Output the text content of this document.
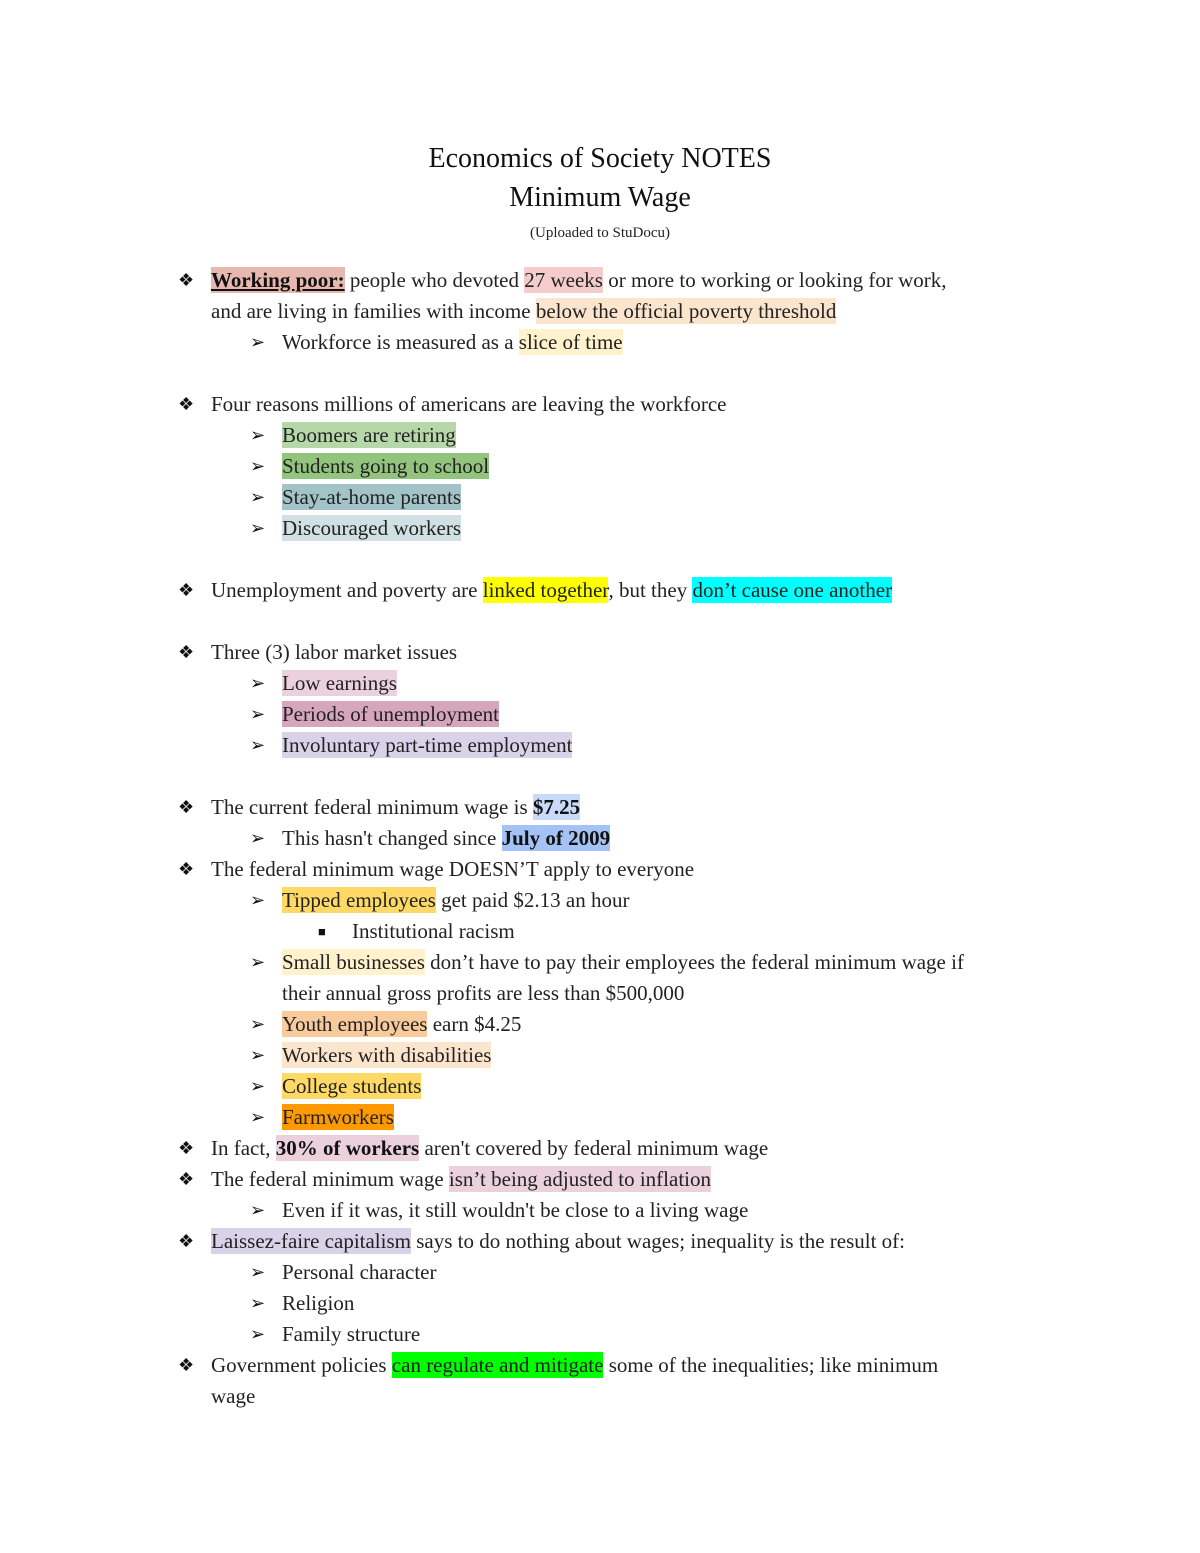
Economics of Society NOTES
Minimum Wage
(Uploaded to StuDocu)
❖ Working poor: people who devoted 27 weeks or more to working or looking for work,
and are living in families with income below the official poverty threshold
➢ Workforce is measured as a slice of time
❖ Four reasons millions of americans are leaving the workforce
➢ Boomers are retiring
➢ Students going to school
➢ Stay-at-home parents
➢ Discouraged workers
❖ Unemployment and poverty are linked together, but they don’t cause one another
❖ Three (3) labor market issues
➢ Low earnings
➢ Periods of unemployment
➢ Involuntary part-time employment
❖ The current federal minimum wage is $7.25
➢ This hasn't changed since July of 2009
❖ The federal minimum wage DOESN’T apply to everyone
➢ Tipped employees get paid $2.13 an hour
■ Institutional racism
➢ Small businesses don’t have to pay their employees the federal minimum wage if
their annual gross profits are less than $500,000
➢ Youth employees earn $4.25
➢ Workers with disabilities
➢ College students
➢ Farmworkers
❖ In fact, 30% of workers aren't covered by federal minimum wage
❖ The federal minimum wage isn’t being adjusted to inflation
➢ Even if it was, it still wouldn't be close to a living wage
❖ Laissez-faire capitalism says to do nothing about wages; inequality is the result of:
➢ Personal character
➢ Religion
➢ Family structure
❖ Government policies can regulate and mitigate some of the inequalities; like minimum
wage
